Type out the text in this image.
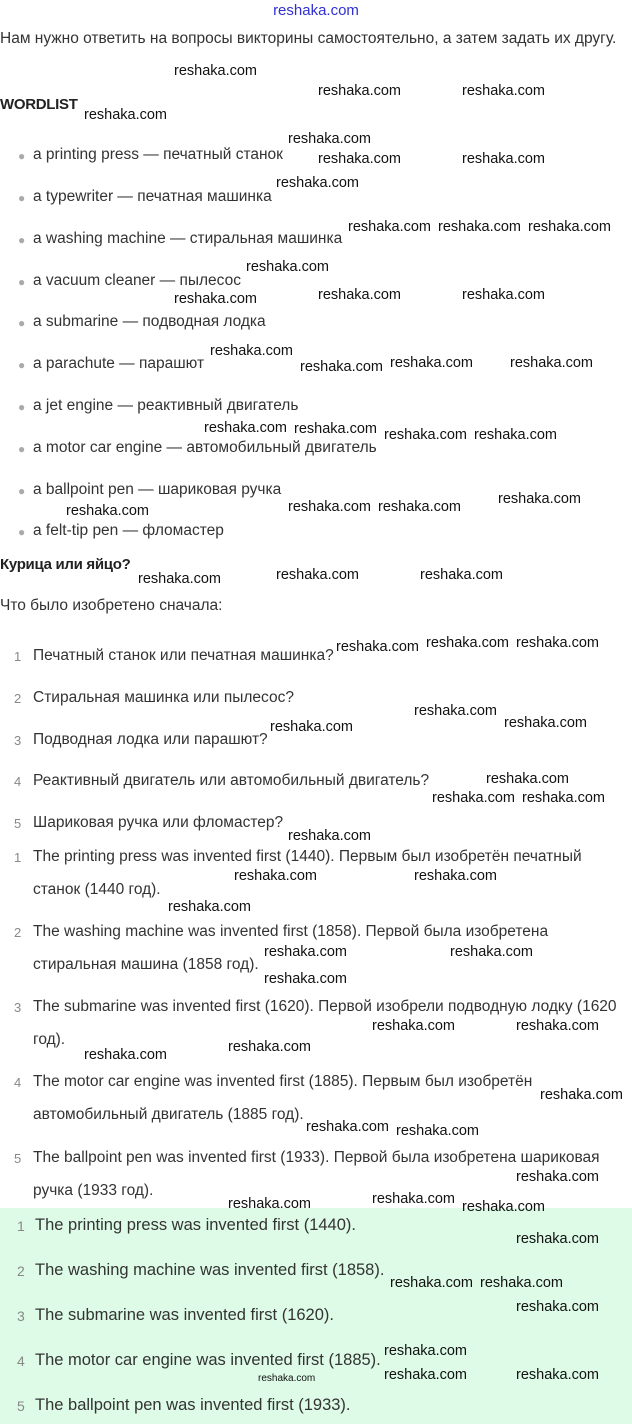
reshaka.com
Нам нужно ответить на вопросы викторины самостоятельно, а затем задать их другу.
WORDLIST
● a printing press — печатный станок
● a typewriter — печатная машинка
● a washing machine — стиральная машинка
● a vacuum cleaner — пылесос
● a submarine — подводная лодка
● a parachute — парашют
● a jet engine — реактивный двигатель
● a motor car engine — автомобильный двигатель
● a ballpoint pen — шариковая ручка
● a felt-tip pen — фломастер
Курица или яйцо?
Что было изобретено сначала:
1 Печатный станок или печатная машинка?
2 Стиральная машинка или пылесос?
3 Подводная лодка или парашют?
4 Реактивный двигатель или автомобильный двигатель?
5 Шариковая ручка или фломастер?
1 The printing press was invented first (1440). Первым был изобретён печатный станок (1440 год).
2 The washing machine was invented first (1858). Первой была изобретена стиральная машина (1858 год).
3 The submarine was invented first (1620). Первой изобрели подводную лодку (1620 год).
4 The motor car engine was invented first (1885). Первым был изобретён автомобильный двигатель (1885 год).
5 The ballpoint pen was invented first (1933). Первой была изобретена шариковая ручка (1933 год).
1 The printing press was invented first (1440).
2 The washing machine was invented first (1858).
3 The submarine was invented first (1620).
4 The motor car engine was invented first (1885).
5 The ballpoint pen was invented first (1933).
reshaka.com
reshaka.com	reshaka.com
reshaka.com
reshaka.com
reshaka.com	reshaka.com
reshaka.com
reshaka.com reshaka.com reshaka.com
reshaka.com
reshaka.com	reshaka.com	reshaka.com
reshaka.com
reshaka.com reshaka.com	reshaka.com
reshaka.com reshaka.com
reshaka.com
reshaka.com
reshaka.com	reshaka.com reshaka.com	reshaka.com
reshaka.com	reshaka.com	reshaka.com
reshaka.com reshaka.com reshaka.com
reshaka.com
reshaka.com	reshaka.com
reshaka.com
reshaka.com reshaka.com
reshaka.com
reshaka.com	reshaka.com
reshaka.com
reshaka.com	reshaka.com
reshaka.com
reshaka.com	reshaka.com
reshaka.com
reshaka.com
reshaka.com
reshaka.com reshaka.com
reshaka.com
reshaka.com reshaka.com
reshaka.com
reshaka.com
reshaka.com reshaka.com
reshaka.com
reshaka.com
reshaka.com	reshaka.com
reshaka.com
